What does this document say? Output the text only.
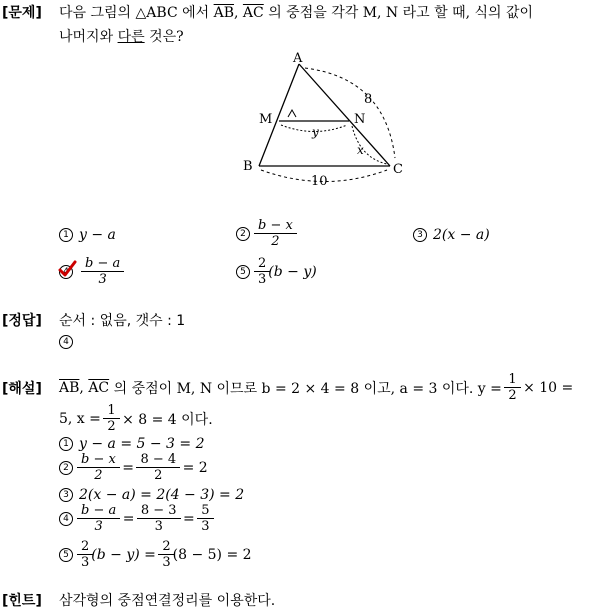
[문제] 다음 그림의 △ABC 에서 $\overline{AB}$, $\overline{AC}$ 의 중점을 각각 M, N 라고 할 때, 식의 값이
나머지와 다른 것은?
A
B	C
M	N
y
x
8
10
1 y − a	$2 \frac{b - x}{2}$	3 2(x − a)
4	$\frac{b - a}{3}$	$5 \frac{2}{3} (b - y)$
[정답] 순서 : 없음, 갯수 : 1
4
[해설] $\overline{AB}$ , $\overline{AC}$
의 중점이 M, N 이므로 b = 2 × 4 = 8 이고, a = 3 이다. y =
$\frac{1}{2}$
× 10 =
5, x =
$\frac{1}{2}$
× 8 = 4 이다.
1 y − a = 5 − 3 = 2
$2 \frac{b - x}{2}$
=
$\frac{8 - 4}{2}$
= 2
3 2(x − a) = 2(4 − 3) = 2
$4 \frac{b - a}{3}$
=
$\frac{8 - 3}{3}$
=
$\frac{5}{3}$
$5 \frac{2}{3} (b - y)$ =
$\frac{2}{3} (8 - 5) = 2$
[힌트] 삼각형의 중점연결정리를 이용한다.
